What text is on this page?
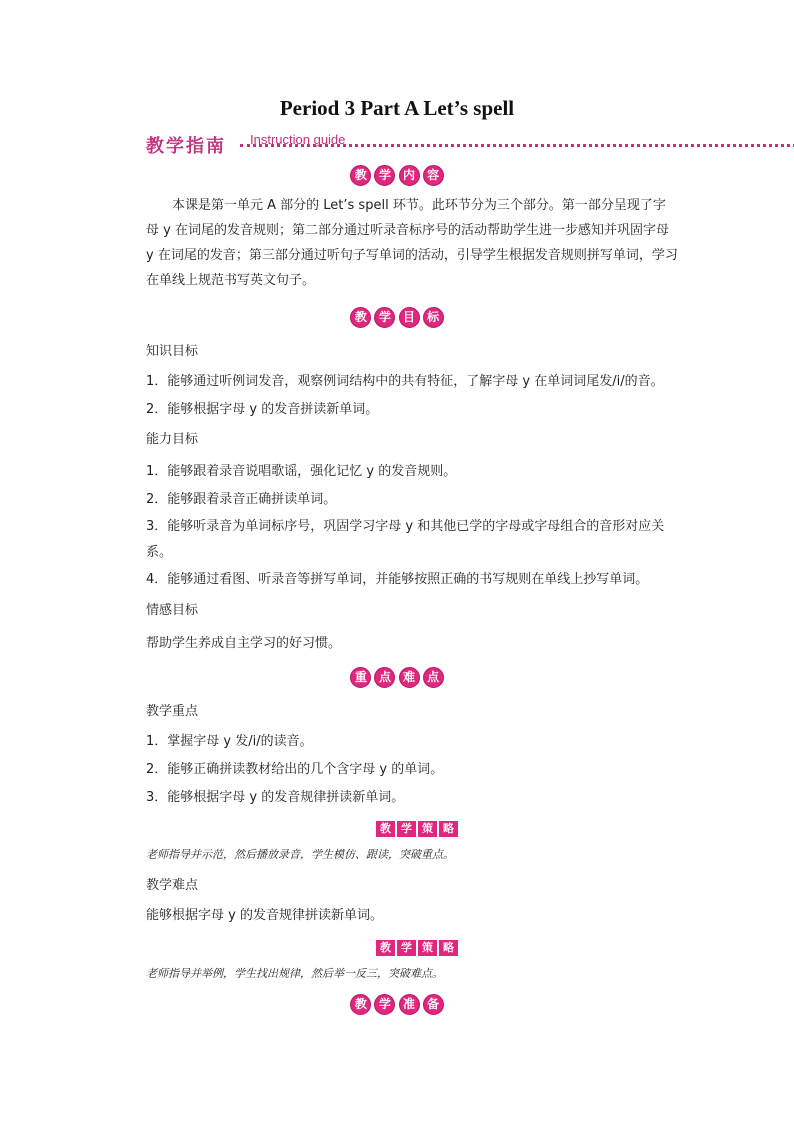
Period 3 Part A Let’s spell
教学指南 Instruction guide
教 学 内 容
本课是第一单元 A 部分的 Let’s spell 环节。此环节分为三个部分。第一部分呈现了字母 y 在词尾的发音规则；第二部分通过听录音标序号的活动帮助学生进一步感知并巩固字母 y 在词尾的发音；第三部分通过听句子写单词的活动，引导学生根据发音规则拼写单词，学习在单线上规范书写英文句子。
教 学 目 标
知识目标
1．能够通过听例词发音，观察例词结构中的共有特征，了解字母 y 在单词词尾发/i/的音。
2．能够根据字母 y 的发音拼读新单词。
能力目标
1．能够跟着录音说唱歌谣，强化记忆 y 的发音规则。
2．能够跟着录音正确拼读单词。
3．能够听录音为单词标序号，巩固学习字母 y 和其他已学的字母或字母组合的音形对应关系。
4．能够通过看图、听录音等拼写单词，并能够按照正确的书写规则在单线上抄写单词。
情感目标
帮助学生养成自主学习的好习惯。
重 点 难 点
教学重点
1．掌握字母 y 发/i/的读音。
2．能够正确拼读教材给出的几个含字母 y 的单词。
3．能够根据字母 y 的发音规律拼读新单词。
教 学 策 略
老师指导并示范，然后播放录音，学生模仿、跟读，突破重点。
教学难点
能够根据字母 y 的发音规律拼读新单词。
教 学 策 略
老师指导并举例，学生找出规律，然后举一反三，突破难点。
教 学 准 备
